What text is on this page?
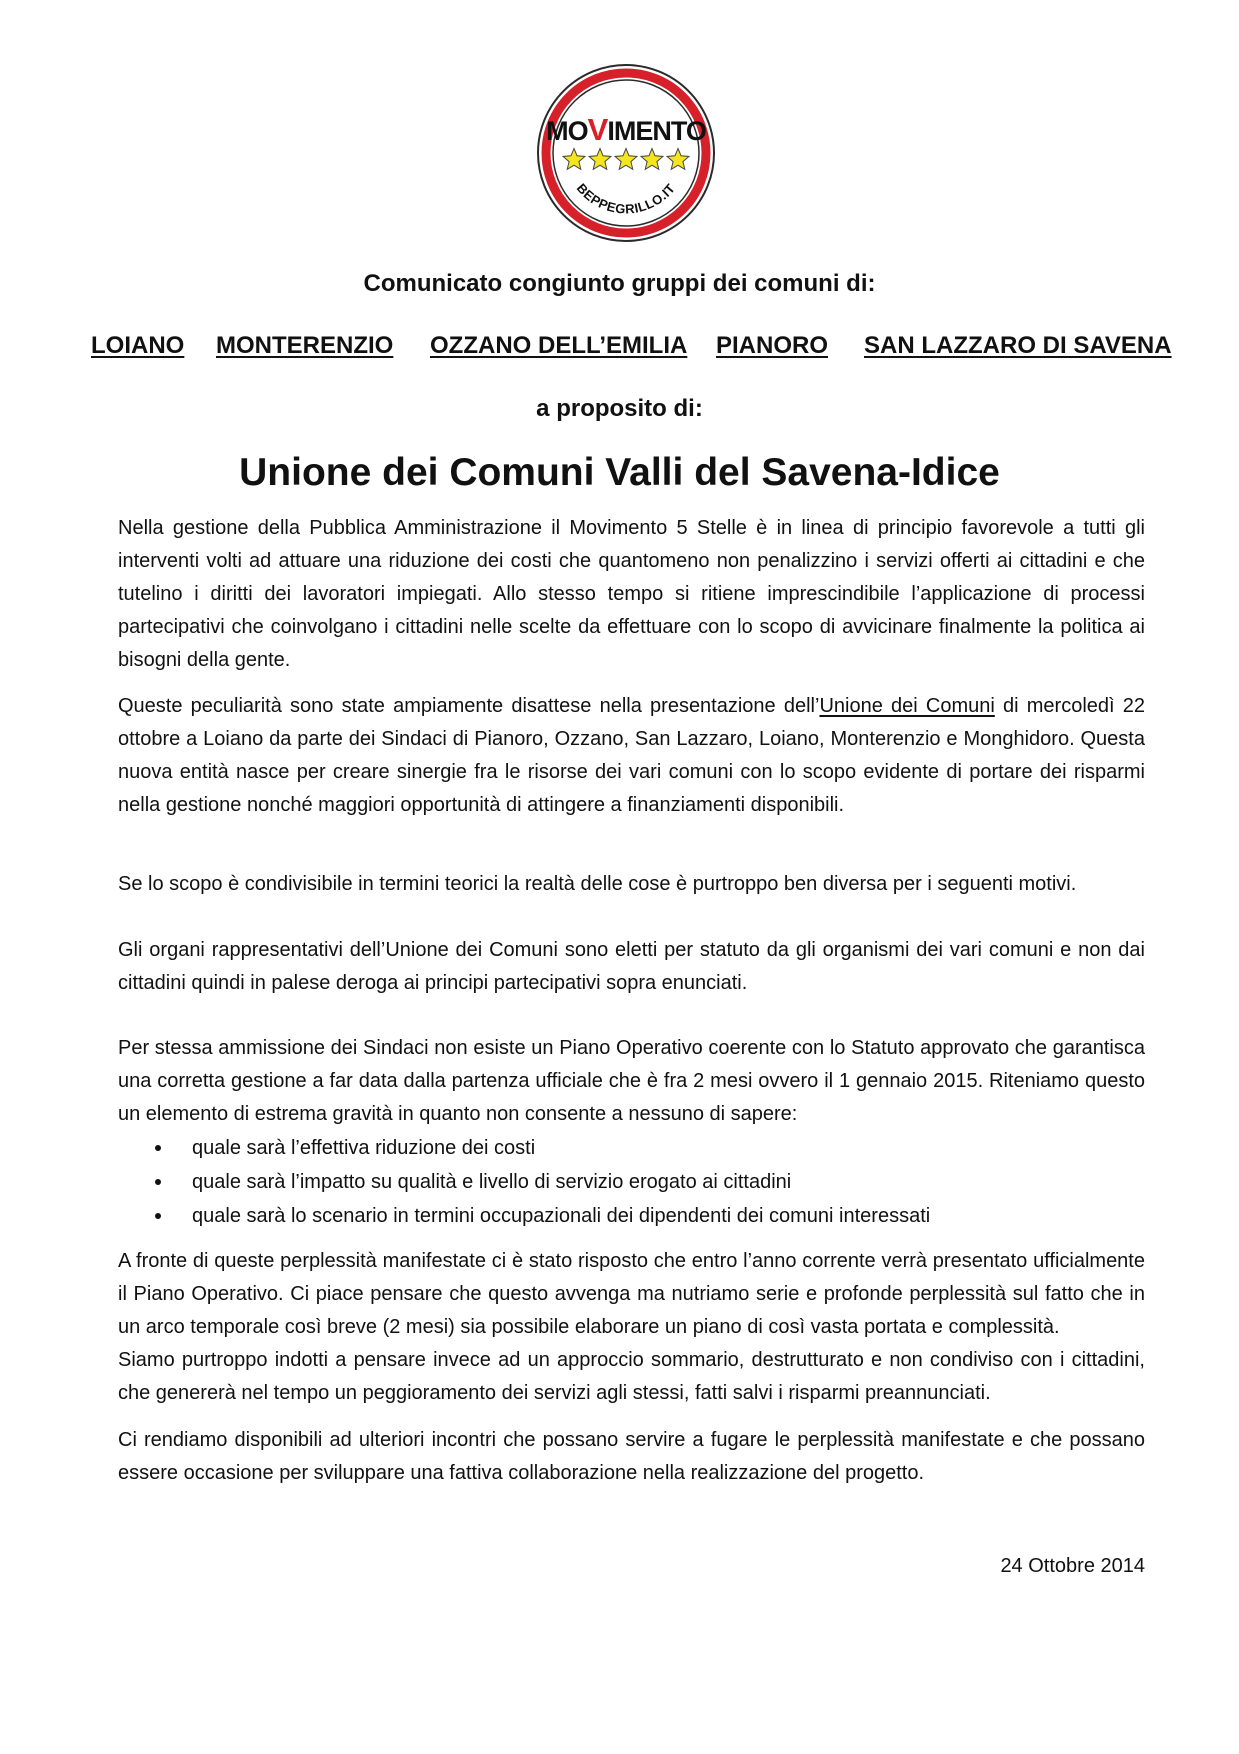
MOVIMENTO
BEPPEGRILLO.IT
Comunicato congiunto gruppi dei comuni di:
LOIANO MONTERENZIO OZZANO DELL’EMILIA PIANORO SAN LAZZARO DI SAVENA
a proposito di:
Unione dei Comuni Valli del Savena-Idice

Nella gestione della Pubblica Amministrazione il Movimento 5 Stelle è in linea di principio favorevole a tutti gli interventi volti ad attuare una riduzione dei costi che quantomeno non penalizzino i servizi offerti ai cittadini e che tutelino i diritti dei lavoratori impiegati. Allo stesso tempo si ritiene imprescindibile l’applicazione di processi partecipativi che coinvolgano i cittadini nelle scelte da effettuare con lo scopo di avvicinare finalmente la politica ai bisogni della gente.

Queste peculiarità sono state ampiamente disattese nella presentazione dell’Unione dei Comuni di mercoledì 22 ottobre a Loiano da parte dei Sindaci di Pianoro, Ozzano, San Lazzaro, Loiano, Monterenzio e Monghidoro. Questa nuova entità nasce per creare sinergie fra le risorse dei vari comuni con lo scopo evidente di portare dei risparmi nella gestione nonché maggiori opportunità di attingere a finanziamenti disponibili.

Se lo scopo è condivisibile in termini teorici la realtà delle cose è purtroppo ben diversa per i seguenti motivi.

Gli organi rappresentativi dell’Unione dei Comuni sono eletti per statuto da gli organismi dei vari comuni e non dai cittadini quindi in palese deroga ai principi partecipativi sopra enunciati.

Per stessa ammissione dei Sindaci non esiste un Piano Operativo coerente con lo Statuto approvato che garantisca una corretta gestione a far data dalla partenza ufficiale che è fra 2 mesi ovvero il 1 gennaio 2015. Riteniamo questo un elemento di estrema gravità in quanto non consente a nessuno di sapere:

quale sarà l’effettiva riduzione dei costi
quale sarà l’impatto su qualità e livello di servizio erogato ai cittadini
quale sarà lo scenario in termini occupazionali dei dipendenti dei comuni interessati

A fronte di queste perplessità manifestate ci è stato risposto che entro l’anno corrente verrà presentato ufficialmente il Piano Operativo. Ci piace pensare che questo avvenga ma nutriamo serie e profonde perplessità sul fatto che in un arco temporale così breve (2 mesi) sia possibile elaborare un piano di così vasta portata e complessità.

Siamo purtroppo indotti a pensare invece ad un approccio sommario, destrutturato e non condiviso con i cittadini, che genererà nel tempo un peggioramento dei servizi agli stessi, fatti salvi i risparmi preannunciati.

Ci rendiamo disponibili ad ulteriori incontri che possano servire a fugare le perplessità manifestate e che possano essere occasione per sviluppare una fattiva collaborazione nella realizzazione del progetto.

24 Ottobre 2014
